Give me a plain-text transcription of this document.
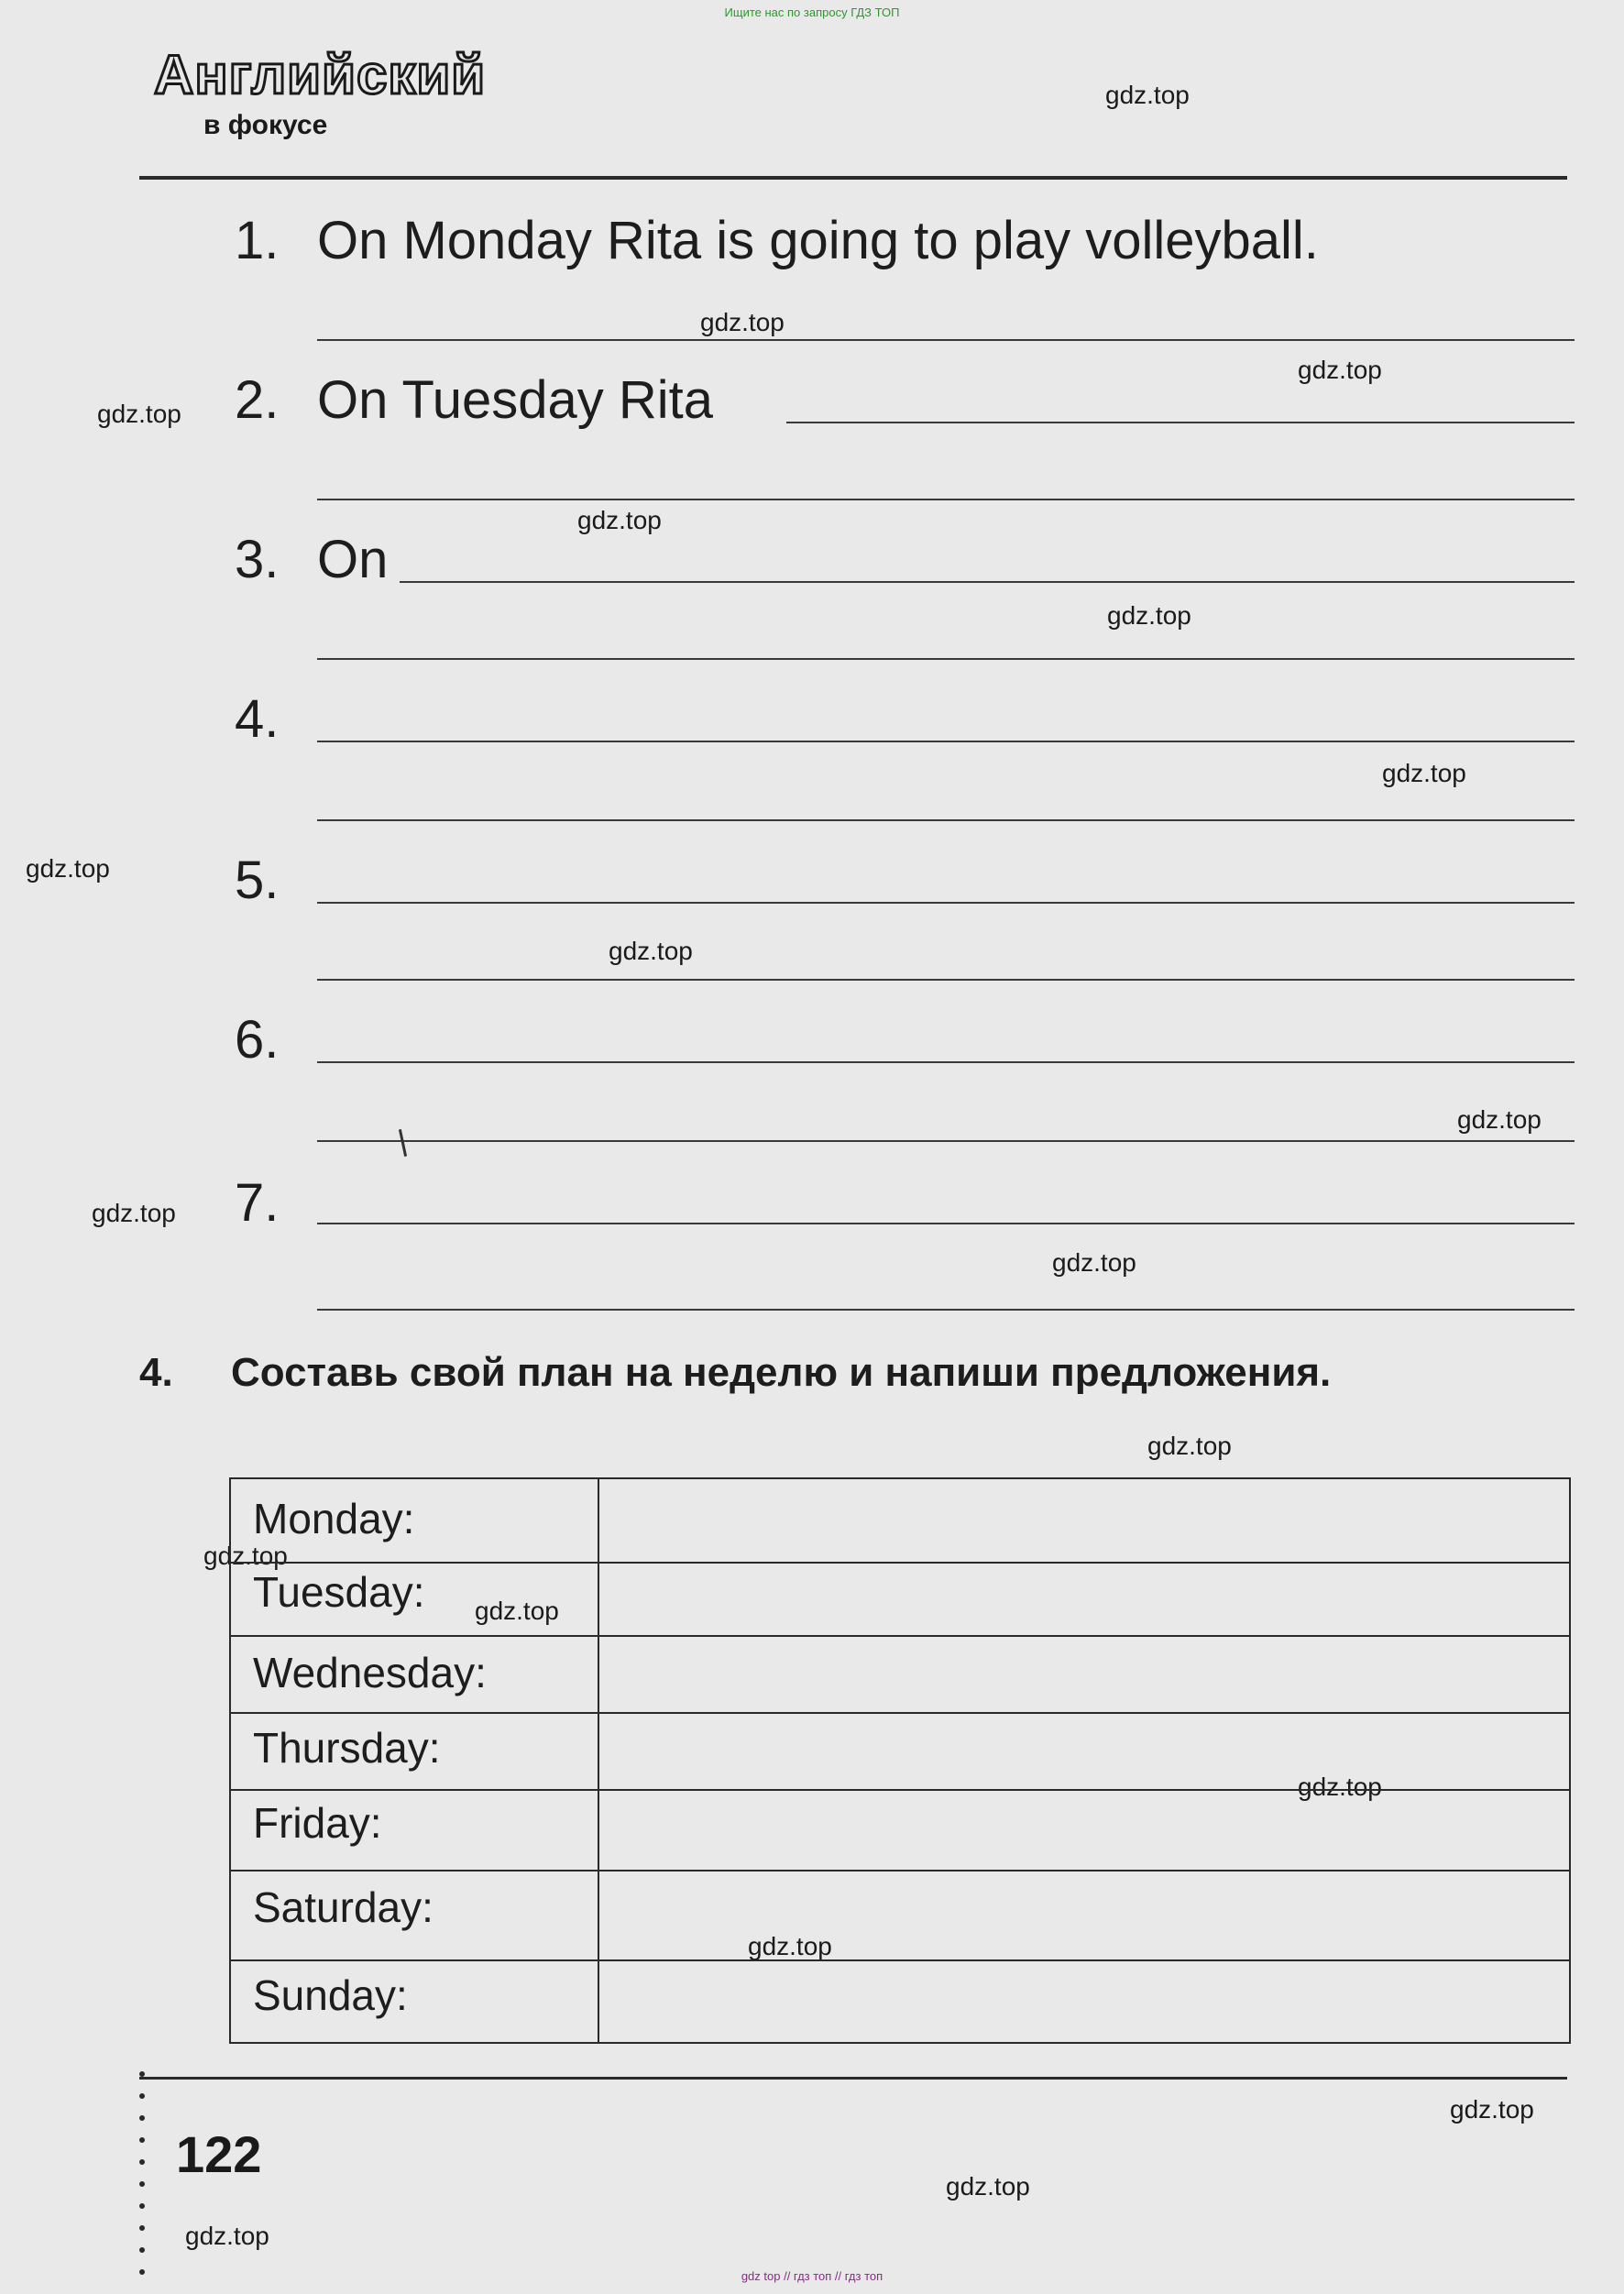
Ищите нас по запросу ГДЗ ТОП
gdz top // гдз топ // гдз топ
Английский
в фокусе
gdz.top
gdz.top
gdz.top
gdz.top
gdz.top
gdz.top
gdz.top
gdz.top
gdz.top
gdz.top
gdz.top
gdz.top
gdz.top
gdz.top
gdz.top
gdz.top
gdz.top
gdz.top
gdz.top
gdz.top
1. On Monday Rita is going to play volleyball.
2. On Tuesday Rita
3. On
4.
5.
6.
7.
4.	Составь свой план на неделю и напиши предложения.
Monday:
Tuesday:
Wednesday:
Thursday:
Friday:
Saturday:
Sunday:
122
